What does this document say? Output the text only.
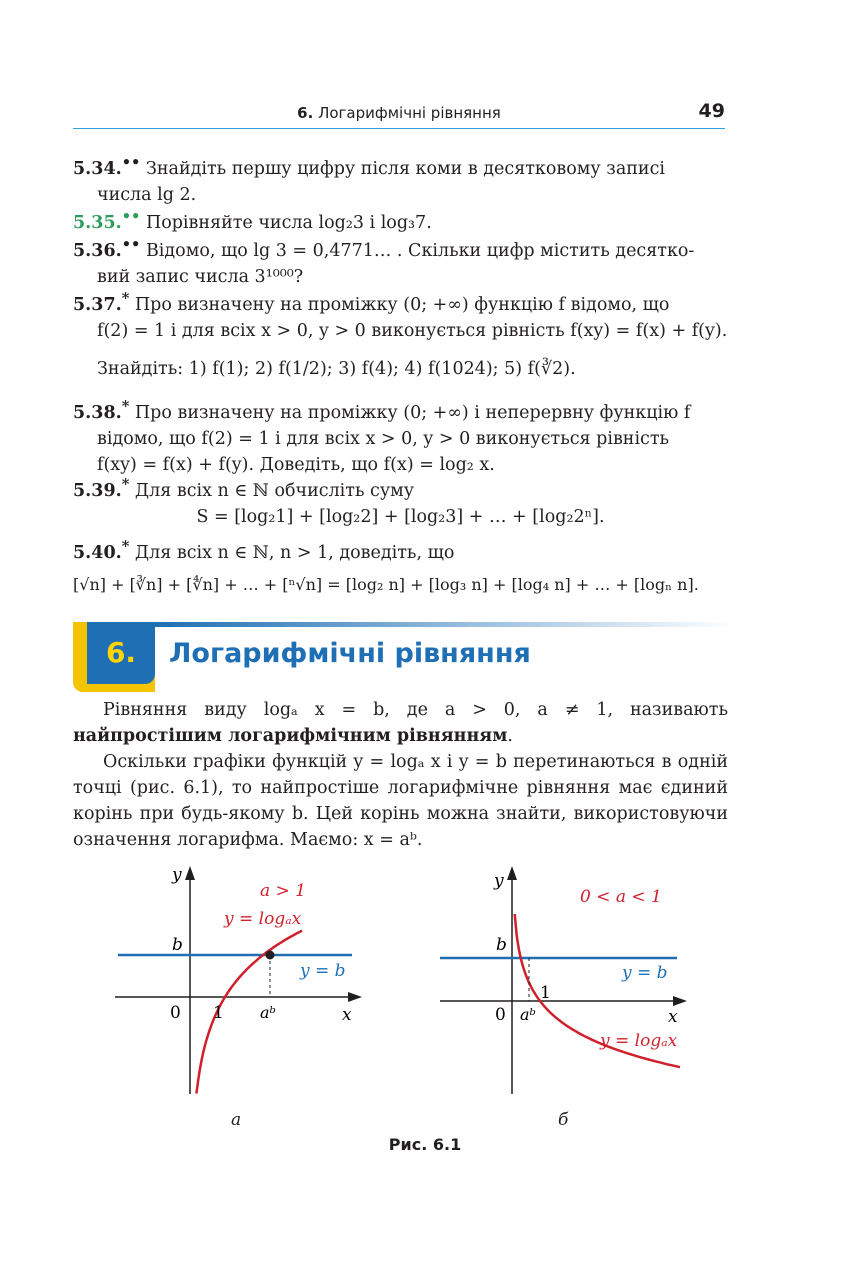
6. Логарифмічні рівняння	49
5.34.•• Знайдіть першу цифру після коми в десятковому записі
числа lg 2.
5.35.•• Порівняйте числа log₂3 і log₃7.
5.36.•• Відомо, що lg 3 = 0,4771… . Скільки цифр містить десятко-
вий запис числа 3¹⁰⁰⁰?
5.37.* Про визначену на проміжку (0; +∞) функцію f відомо, що
f(2) = 1 і для всіх x > 0, y > 0 виконується рівність f(xy) = f(x) + f(y).
Знайдіть: 1) f(1); 2) f(1/2); 3) f(4); 4) f(1024); 5) f(∛2).
5.38.* Про визначену на проміжку (0; +∞) і неперервну функцію f
відомо, що f(2) = 1 і для всіх x > 0, y > 0 виконується рівність
f(xy) = f(x) + f(y). Доведіть, що f(x) = log₂ x.
5.39.* Для всіх n ∈ ℕ обчисліть суму
S = [log₂1] + [log₂2] + [log₂3] + … + [log₂2ⁿ].
5.40.* Для всіх n ∈ ℕ, n > 1, доведіть, що
[√n] + [∛n] + [∜n] + … + [ⁿ√n] = [log₂ n] + [log₃ n] + [log₄ n] + … + [logₙ n].
6.	Логарифмічні рівняння
Рівняння виду logₐ x = b, де a > 0, a ≠ 1, називають найпростішим логарифмічним рівнянням.
Оскільки графіки функцій y = logₐ x і y = b перетинаються в одній точці (рис. 6.1), то найпростіше логарифмічне рівняння має єдиний корінь при будь-якому b. Цей корінь можна знайти, використовуючи означення логарифма. Маємо: x = aᵇ.
y
x
0 1
b
aᵇ
a > 1
y = logₐx
y = b
y
x
0
1
b
aᵇ
0 < a < 1
y = logₐx
y = b
а	б
Рис. 6.1
